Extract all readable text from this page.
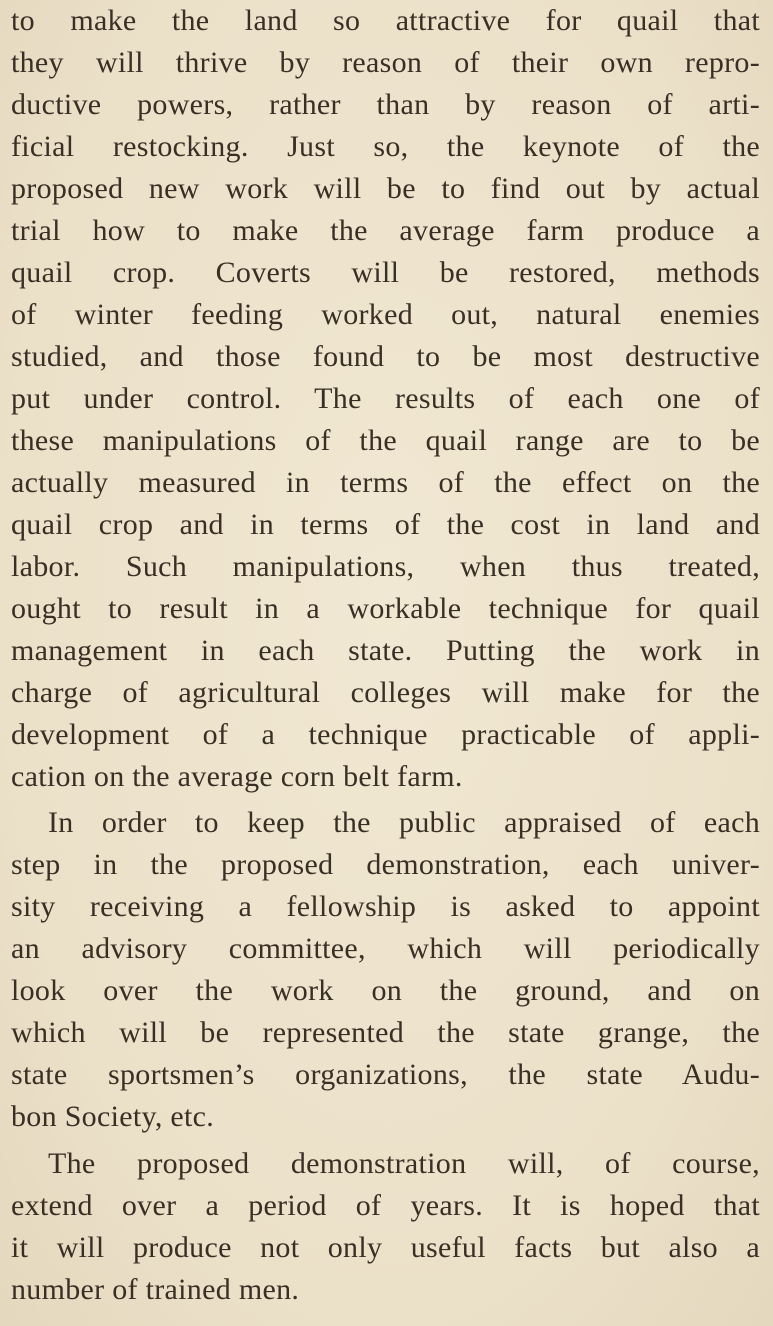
to make the land so attractive for quail that
they will thrive by reason of their own repro-
ductive powers, rather than by reason of arti-
ficial restocking. Just so, the keynote of the
proposed new work will be to find out by actual
trial how to make the average farm produce a
quail crop. Coverts will be restored, methods
of winter feeding worked out, natural enemies
studied, and those found to be most destructive
put under control. The results of each one of
these manipulations of the quail range are to be
actually measured in terms of the effect on the
quail crop and in terms of the cost in land and
labor. Such manipulations, when thus treated,
ought to result in a workable technique for quail
management in each state. Putting the work in
charge of agricultural colleges will make for the
development of a technique practicable of appli-
cation on the average corn belt farm.
In order to keep the public appraised of each
step in the proposed demonstration, each univer-
sity receiving a fellowship is asked to appoint
an advisory committee, which will periodically
look over the work on the ground, and on
which will be represented the state grange, the
state sportsmen’s organizations, the state Audu-
bon Society, etc.
The proposed demonstration will, of course,
extend over a period of years. It is hoped that
it will produce not only useful facts but also a
number of trained men.
